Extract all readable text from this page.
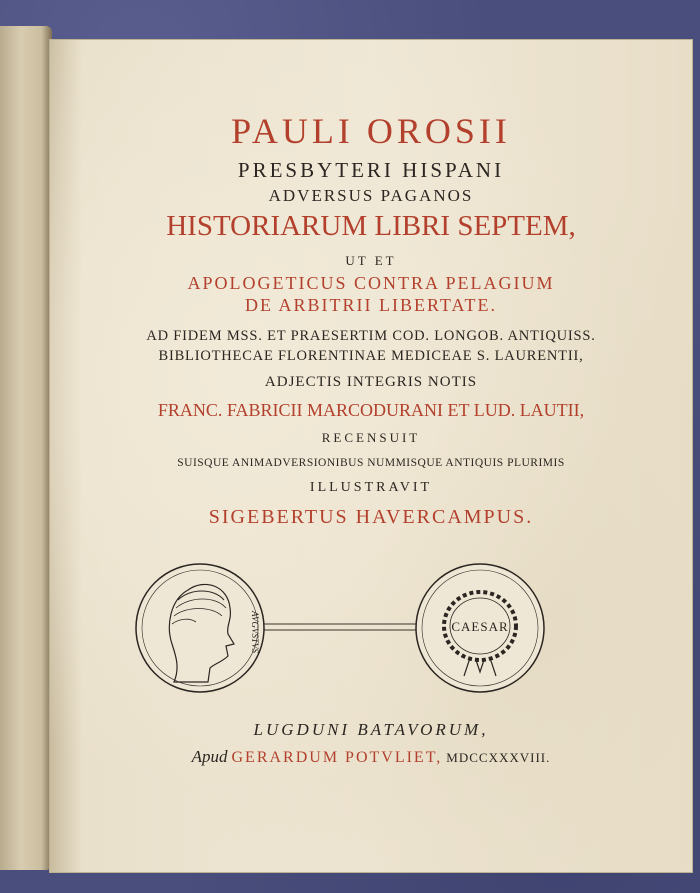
PAULI OROSII
PRESBYTERI HISPANI
ADVERSUS PAGANOS
HISTORIARUM LIBRI SEPTEM,
UT ET
APOLOGETICUS CONTRA PELAGIUM
DE ARBITRII LIBERTATE.
AD FIDEM MSS. ET PRAESERTIM COD. LONGOB. ANTIQUISS.
BIBLIOTHECAE FLORENTINAE MEDICEAE S. LAURENTII,
ADJECTIS INTEGRIS NOTIS
FRANC. FABRICII MARCODURANI ET LUD. LAUTII,
RECENSUIT
SUISQUE ANIMADVERSIONIBUS NUMMISQUE ANTIQUIS PLURIMIS
ILLUSTRAVIT
SIGEBERTUS HAVERCAMPUS.
AVGVSTVS	CAESAR
LUGDUNI BATAVORUM,
Apud GERARDUM POTVLIET, MDCCXXXVIII.
